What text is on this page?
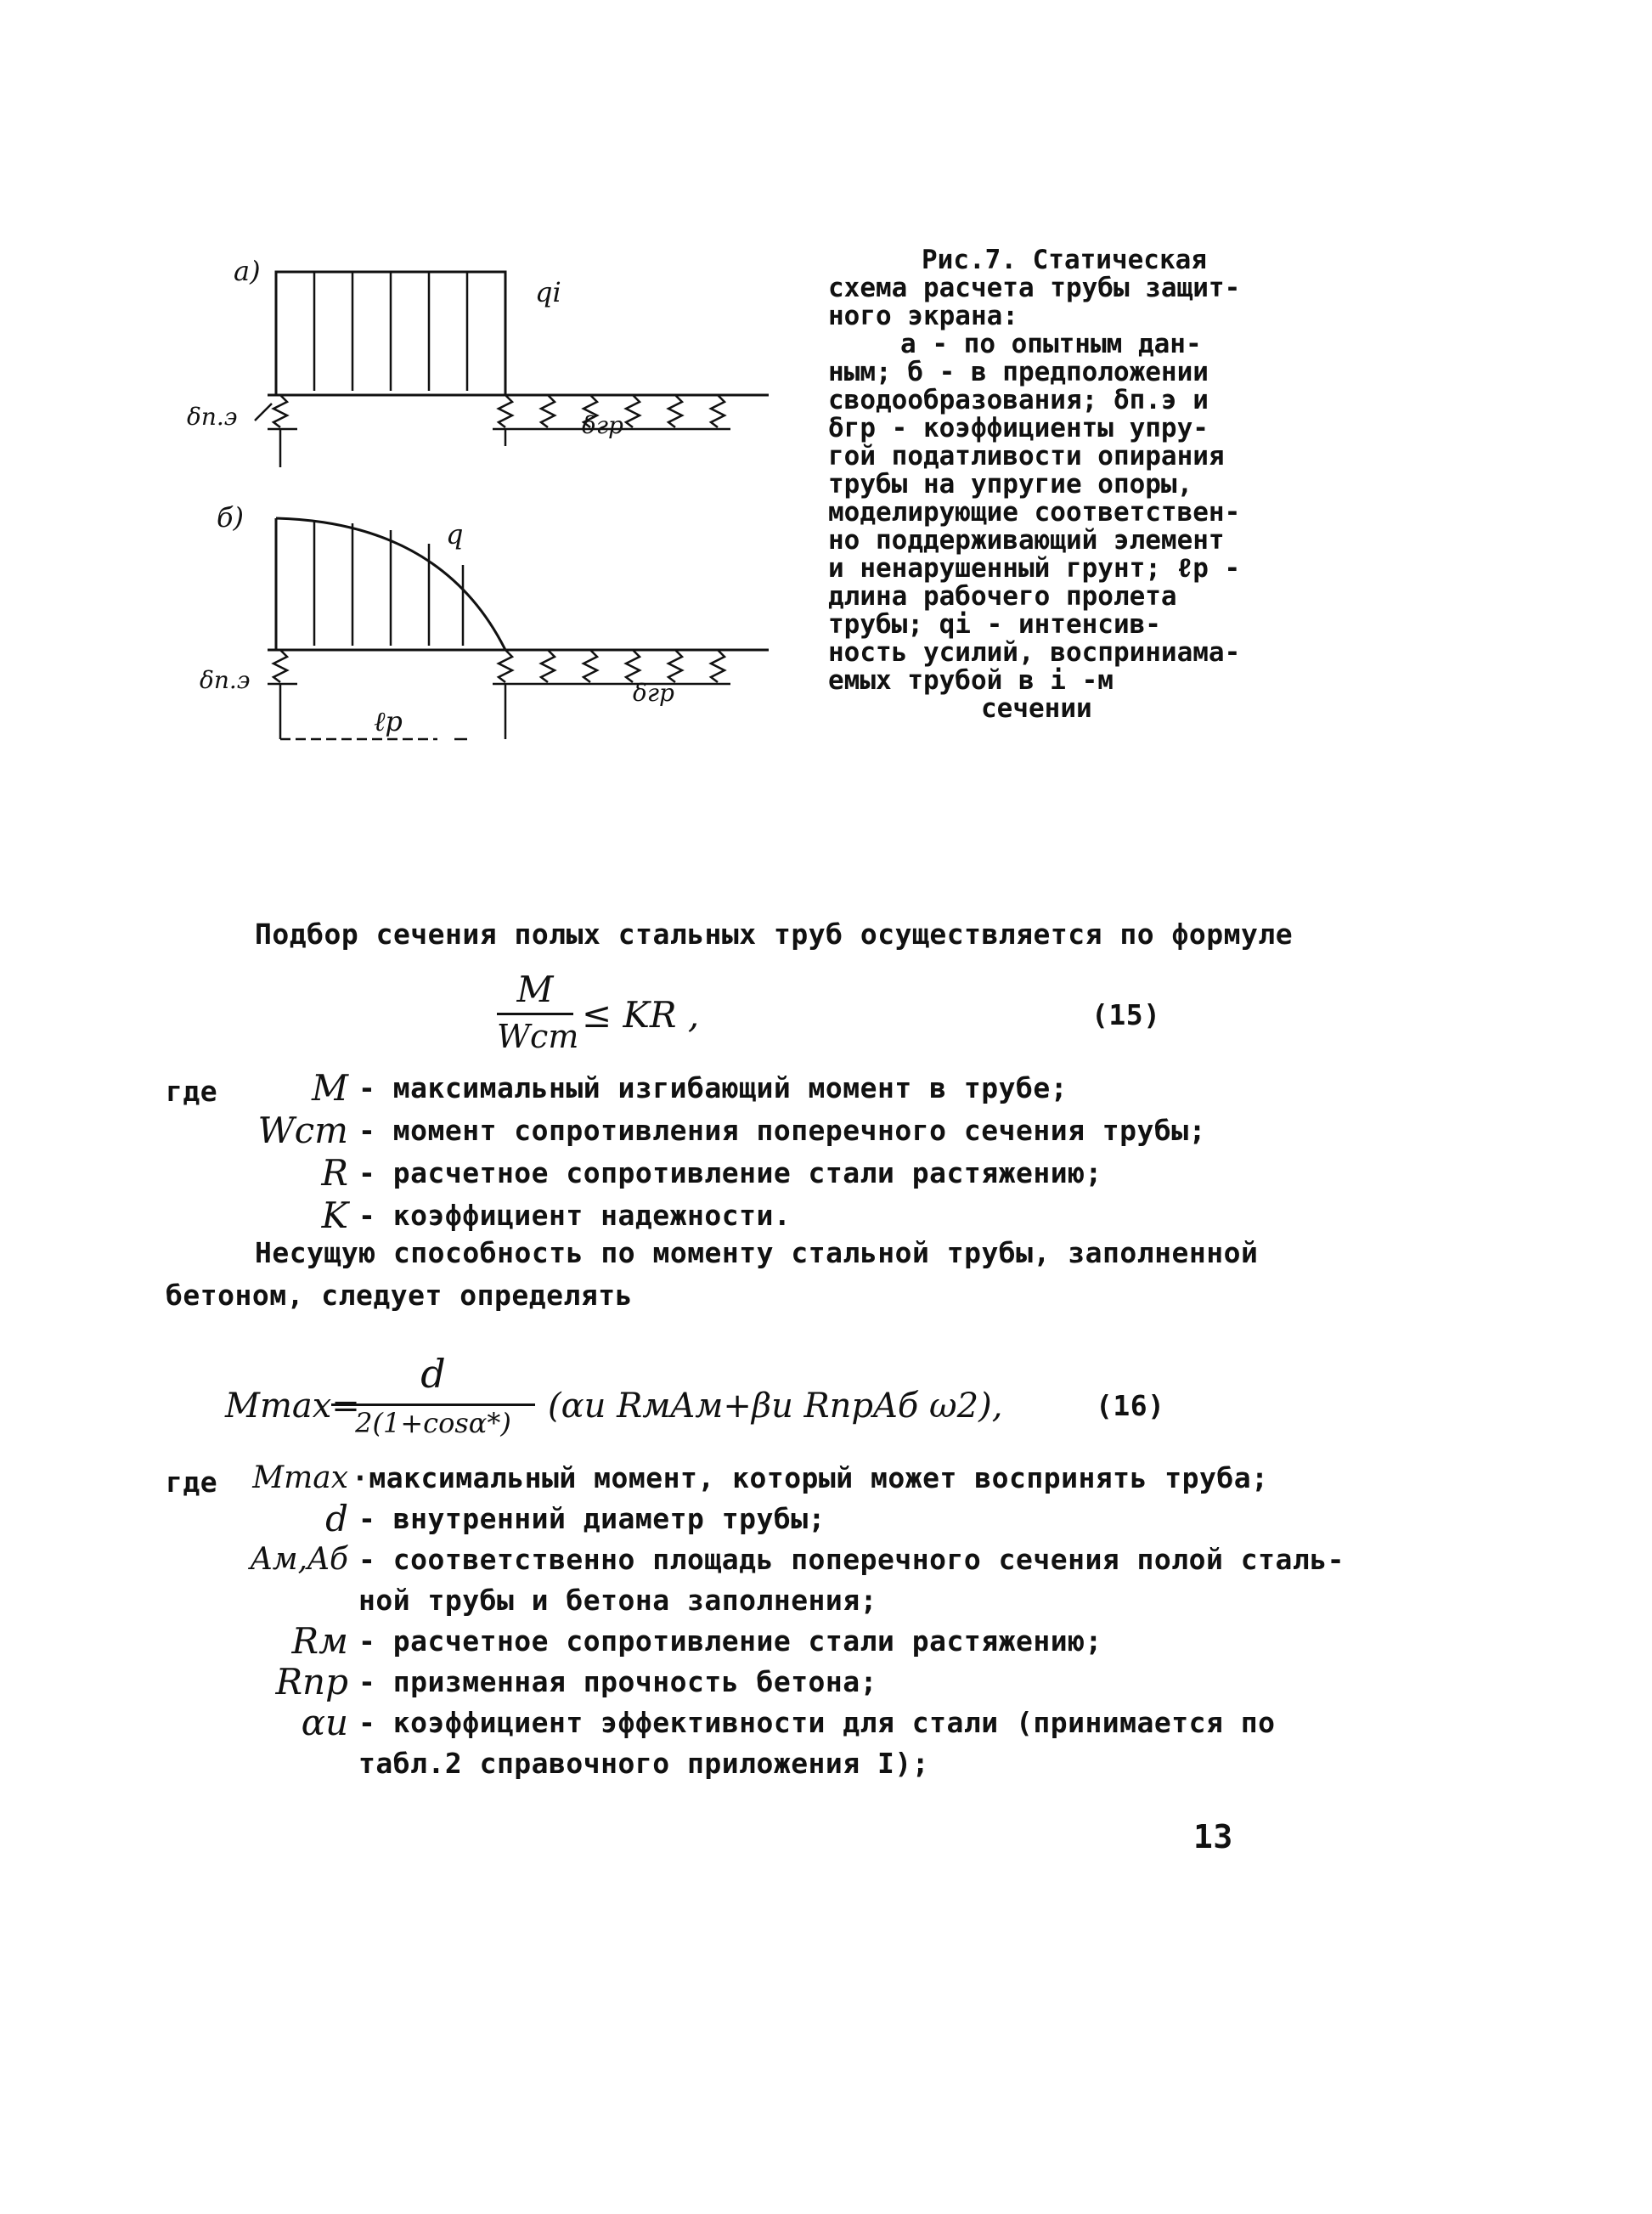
a)
qi
δп.э	δгр
б)
q
δп.э	δгр
ℓр
Рис.7. Статическая
схема расчета трубы защит-
ного экрана:
а - по опытным дан-
ным; б - в предположении
сводообразования; δп.э и
δгр - коэффициенты упру-
гой податливости опирания
трубы на упругие опоры,
моделирующие соответствен-
но поддерживающий элемент
и ненарушенный грунт; ℓр -
длина рабочего пролета
трубы; qi - интенсив-
ность усилий, восприниама-
емых трубой в i -м
сечении
Подбор сечения полых стальных труб осуществляется по формуле
M
Wст
≤ KR ,	(15)
где	M - максимальный изгибающий момент в трубе;
Wст - момент сопротивления поперечного сечения трубы;
R - расчетное сопротивление стали растяжению;
K - коэффициент надежности.
Несущую способность по моменту стальной трубы, заполненной
бетоном, следует определять
Mmax=
d
2(1+cosα*)	(αu RмAм+βu RпрAб ω2),	(16)
где	Mmax ·максимальный момент, который может воспринять труба;
d - внутренний диаметр трубы;
Aм,Aб - соответственно площадь поперечного сечения полой сталь-
ной трубы и бетона заполнения;
Rм - расчетное сопротивление стали растяжению;
Rпр - призменная прочность бетона;
αu - коэффициент эффективности для стали (принимается по
табл.2 справочного приложения I);
13
